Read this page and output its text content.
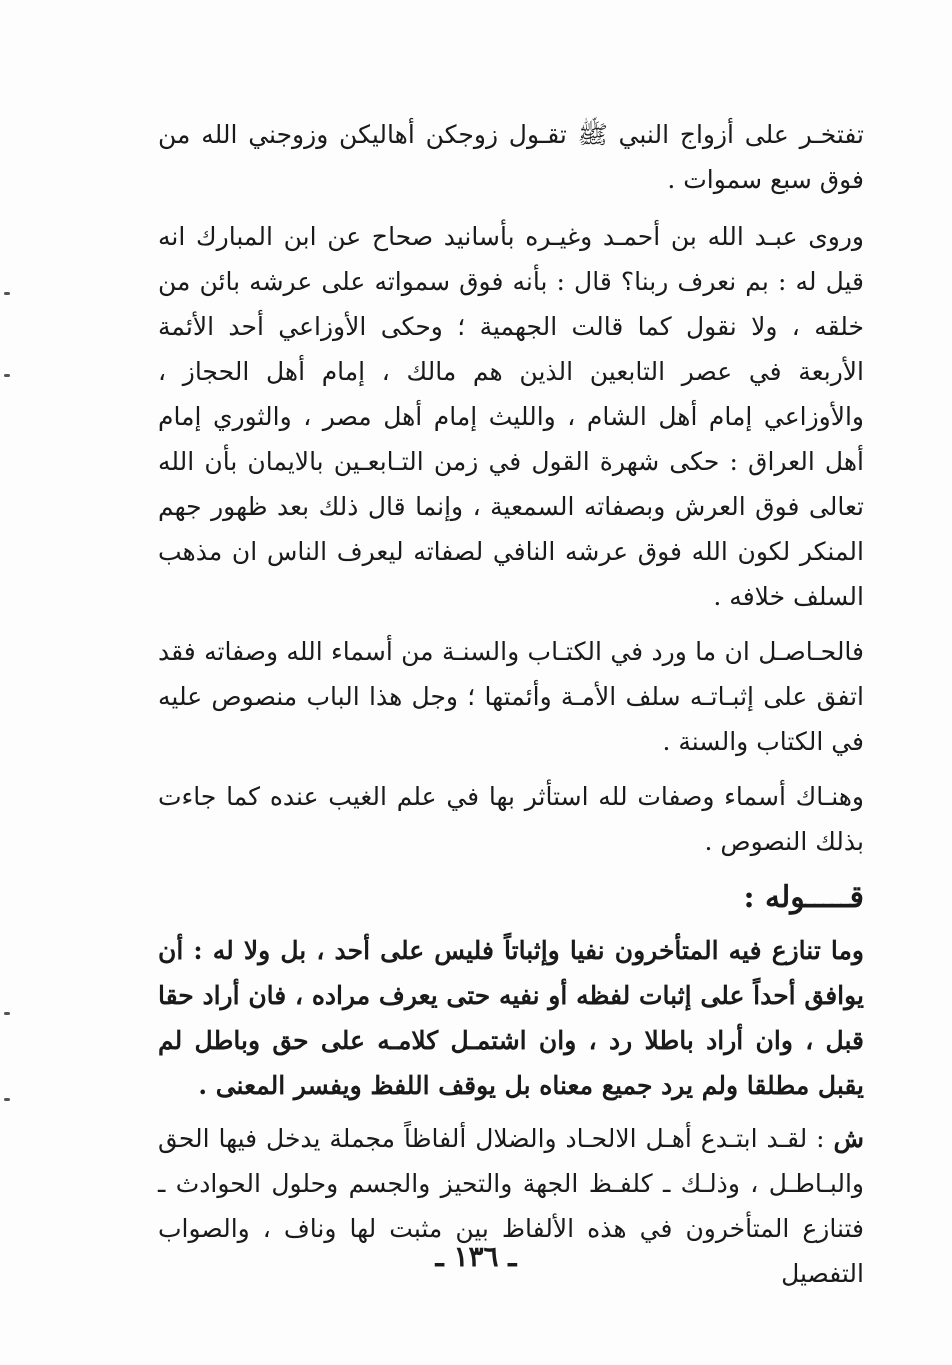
تفتخـر على أزواج النبي ﷺ تقـول زوجكن أهاليكن وزوجني الله من فوق سبع سموات .

وروى عبـد الله بن أحمـد وغيـره بأسانيد صحاح عن ابن المبارك انه قيل له : بم نعرف ربنا؟ قال : بأنه فوق سمواته على عرشه بائن من خلقه ، ولا نقول كما قالت الجهمية ؛ وحكى الأوزاعي أحد الأئمة الأربعة في عصر التابعين الذين هم مالك ، إمام أهل الحجاز ، والأوزاعي إمام أهل الشام ، والليث إمام أهل مصر ، والثوري إمام أهل العراق : حكى شهرة القول في زمن التـابعـين بالايمان بأن الله تعالى فوق العرش وبصفاته السمعية ، وإنما قال ذلك بعد ظهور جهم المنكر لكون الله فوق عرشه النافي لصفاته ليعرف الناس ان مذهب السلف خلافه .

فالحـاصـل ان ما ورد في الكتـاب والسنـة من أسماء الله وصفاته فقد اتفق على إثبـاتـه سلف الأمـة وأئمتها ؛ وجل هذا الباب منصوص عليه في الكتاب والسنة .

وهنـاك أسماء وصفات لله استأثر بها في علم الغيب عنده كما جاءت بذلك النصوص .

قـــــوله :

وما تنازع فيه المتأخرون نفيا وإثباتاً فليس على أحد ، بل ولا له : أن يوافق أحداً على إثبات لفظه أو نفيه حتى يعرف مراده ، فان أراد حقا قبل ، وان أراد باطلا رد ، وان اشتمـل كلامـه على حق وباطل لم يقبل مطلقا ولم يرد جميع معناه بل يوقف اللفظ ويفسر المعنى .

ش : لقـد ابتـدع أهـل الالحـاد والضلال ألفاظاً مجملة يدخل فيها الحق والبـاطـل ، وذلـك ـ كلفـظ الجهة والتحيز والجسم وحلول الحوادث ـ فتنازع المتأخرون في هذه الألفاظ بين مثبت لها وناف ، والصواب التفصيل

ـ ١٣٦ ـ
